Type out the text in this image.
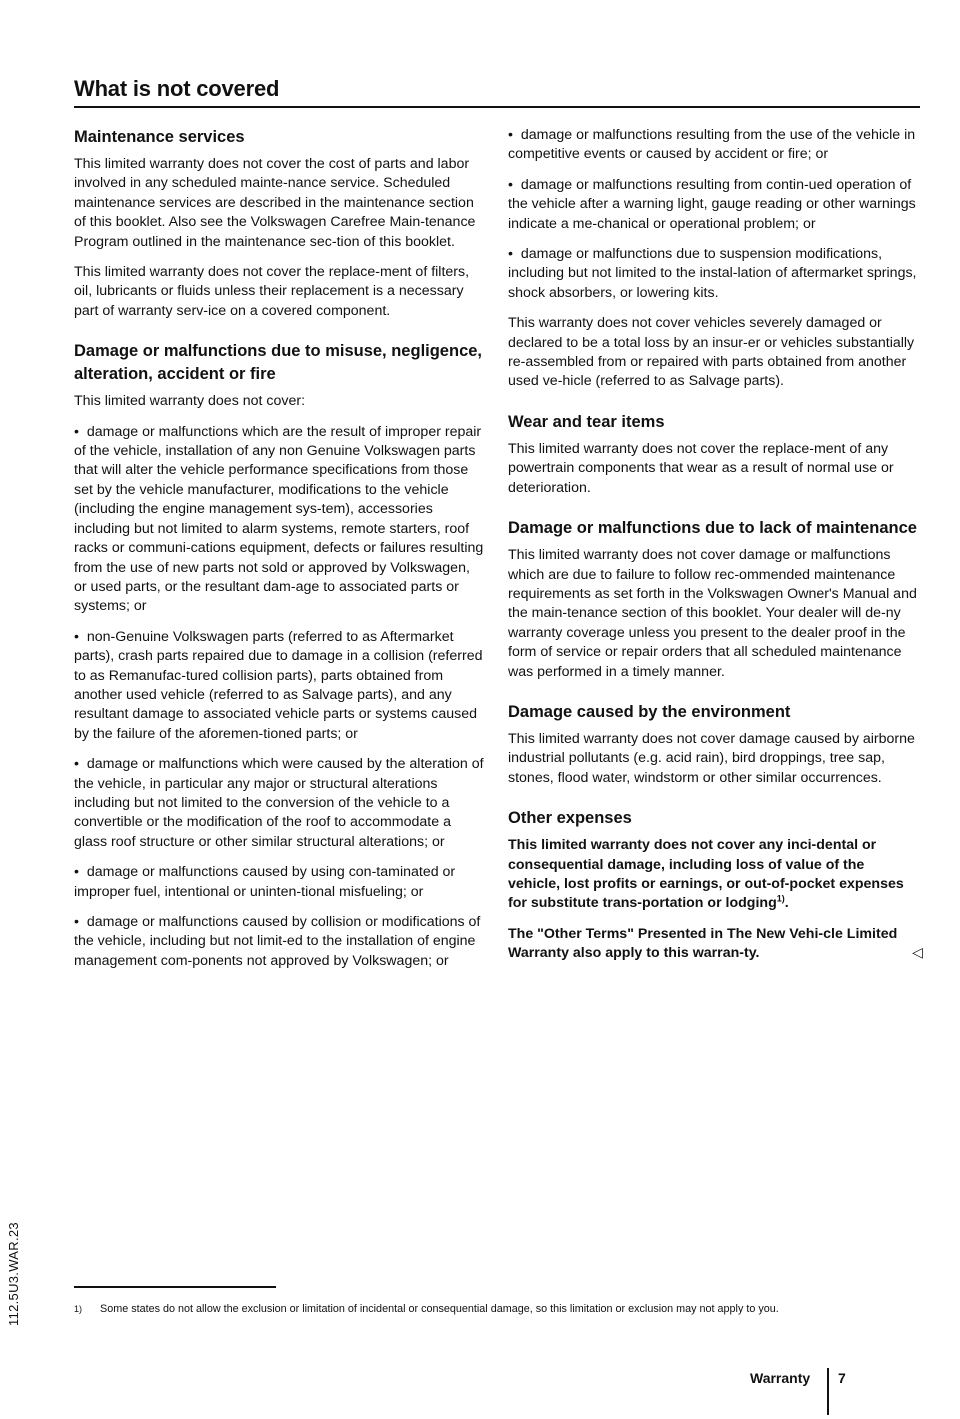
What is not covered
Maintenance services

This limited warranty does not cover the cost of parts and labor involved in any scheduled mainte-nance service. Scheduled maintenance services are described in the maintenance section of this booklet. Also see the Volkswagen Carefree Main-tenance Program outlined in the maintenance sec-tion of this booklet.

This limited warranty does not cover the replace-ment of filters, oil, lubricants or fluids unless their replacement is a necessary part of warranty serv-ice on a covered component.

Damage or malfunctions due to misuse, negligence, alteration, accident or fire

This limited warranty does not cover:

•  damage or malfunctions which are the result of improper repair of the vehicle, installation of any non Genuine Volkswagen parts that will alter the vehicle performance specifications from those set by the vehicle manufacturer, modifications to the vehicle (including the engine management sys-tem), accessories including but not limited to alarm systems, remote starters, roof racks or communi-cations equipment, defects or failures resulting from the use of new parts not sold or approved by Volkswagen, or used parts, or the resultant dam-age to associated parts or systems; or

•  non-Genuine Volkswagen parts (referred to as Aftermarket parts), crash parts repaired due to damage in a collision (referred to as Remanufac-tured collision parts), parts obtained from another used vehicle (referred to as Salvage parts), and any resultant damage to associated vehicle parts or systems caused by the failure of the aforemen-tioned parts; or

•  damage or malfunctions which were caused by the alteration of the vehicle, in particular any major or structural alterations including but not limited to the conversion of the vehicle to a convertible or the modification of the roof to accommodate a glass roof structure or other similar structural alterations; or

•  damage or malfunctions caused by using con-taminated or improper fuel, intentional or uninten-tional misfueling; or

•  damage or malfunctions caused by collision or modifications of the vehicle, including but not limit-ed to the installation of engine management com-ponents not approved by Volkswagen; or

•  damage or malfunctions resulting from the use of the vehicle in competitive events or caused by accident or fire; or

•  damage or malfunctions resulting from contin-ued operation of the vehicle after a warning light, gauge reading or other warnings indicate a me-chanical or operational problem; or

•  damage or malfunctions due to suspension modifications, including but not limited to the instal-lation of aftermarket springs, shock absorbers, or lowering kits.

This warranty does not cover vehicles severely damaged or declared to be a total loss by an insur-er or vehicles substantially re-assembled from or repaired with parts obtained from another used ve-hicle (referred to as Salvage parts).

Wear and tear items

This limited warranty does not cover the replace-ment of any powertrain components that wear as a result of normal use or deterioration.

Damage or malfunctions due to lack of maintenance

This limited warranty does not cover damage or malfunctions which are due to failure to follow rec-ommended maintenance requirements as set forth in the Volkswagen Owner's Manual and the main-tenance section of this booklet. Your dealer will de-ny warranty coverage unless you present to the dealer proof in the form of service or repair orders that all scheduled maintenance was performed in a timely manner.

Damage caused by the environment

This limited warranty does not cover damage caused by airborne industrial pollutants (e.g. acid rain), bird droppings, tree sap, stones, flood water, windstorm or other similar occurrences.

Other expenses

This limited warranty does not cover any inci-dental or consequential damage, including loss of value of the vehicle, lost profits or earnings, or out-of-pocket expenses for substitute trans-portation or lodging$^{1)}$.

The "Other Terms" Presented in The New Vehi-cle Limited Warranty also apply to this warran-ty.	◁

112.5U3.WAR.23	1) Some states do not allow the exclusion or limitation of incidental or consequential damage, so this limitation or exclusion may not apply to you.
Warranty 7
